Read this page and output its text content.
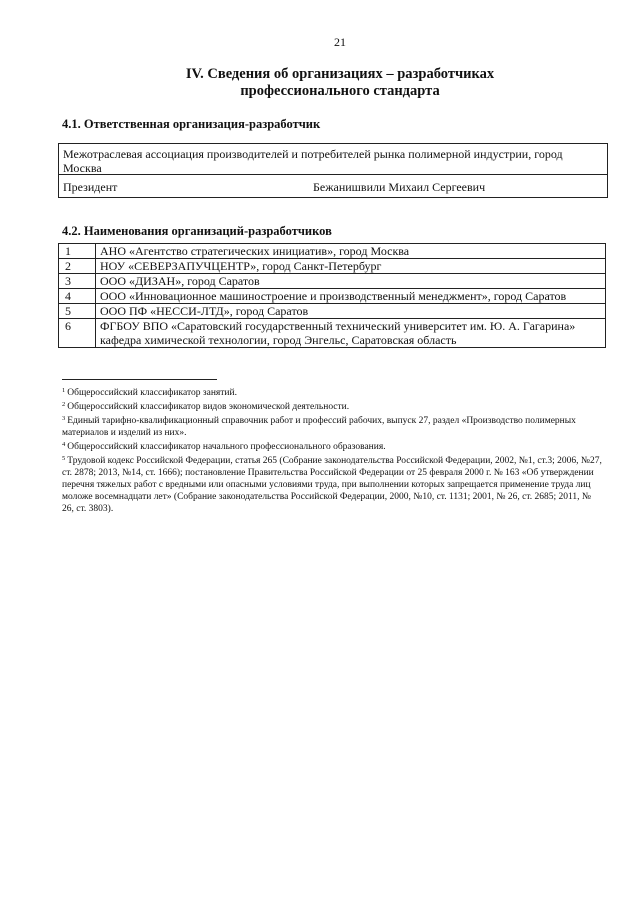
21
IV. Сведения об организациях – разработчиках
профессионального стандарта
4.1. Ответственная организация-разработчик
Межотраслевая ассоциация производителей и потребителей рынка полимерной индустрии, город Москва
Президент	Бежанишвили Михаил Сергеевич
4.2. Наименования организаций-разработчиков
1	АНО «Агентство стратегических инициатив», город Москва
2	НОУ «СЕВЕРЗАПУЧЦЕНТР», город Санкт-Петербург
3	ООО «ДИЗАН», город Саратов
4	ООО «Инновационное машиностроение и производственный менеджмент», город Саратов
5	ООО ПФ «НЕССИ-ЛТД», город Саратов
6	ФГБОУ ВПО «Саратовский государственный технический университет им. Ю. А. Гагарина» кафедра химической технологии, город Энгельс, Саратовская область

$^1$ Общероссийский классификатор занятий.

$^2$ Общероссийский классификатор видов экономической деятельности.

$^3$ Единый тарифно-квалификационный справочник работ и профессий рабочих, выпуск 27, раздел «Производство полимерных материалов и изделий из них».

$^4$ Общероссийский классификатор начального профессионального образования.

$^5$ Трудовой кодекс Российской Федерации, статья 265 (Собрание законодательства Российской Федерации, 2002, №1, ст.3; 2006, №27, ст. 2878; 2013, №14, ст. 1666); постановление Правительства Российской Федерации от 25 февраля 2000 г. № 163 «Об утверждении перечня тяжелых работ с вредными или опасными условиями труда, при выполнении которых запрещается применение труда лиц моложе восемнадцати лет» (Собрание законодательства Российской Федерации, 2000, №10, ст. 1131; 2001, № 26, ст. 2685; 2011, № 26, ст. 3803).
